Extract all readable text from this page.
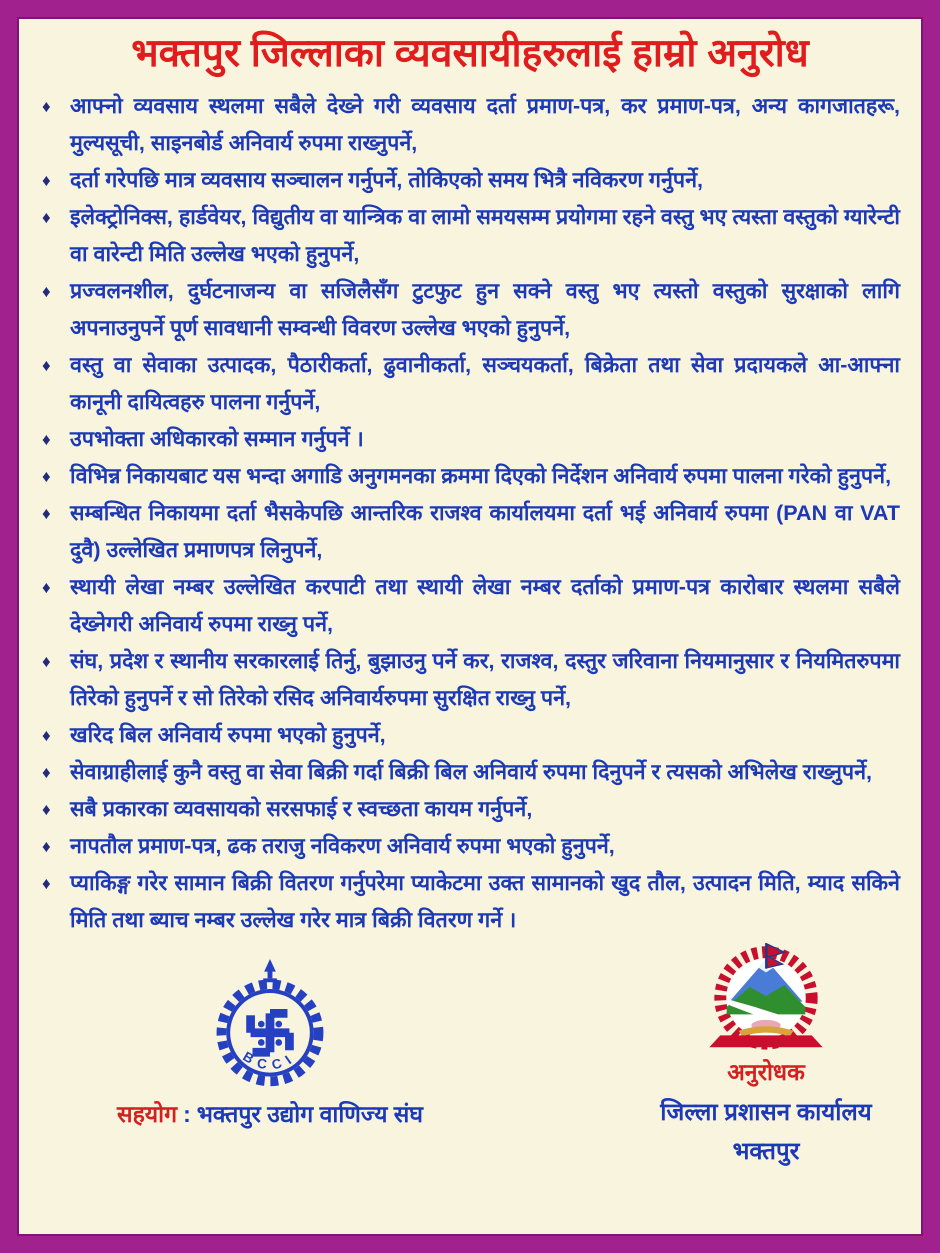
भक्तपुर जिल्लाका व्यवसायीहरुलाई हाम्रो अनुरोध
♦ आफ्नो व्यवसाय स्थलमा सबैले देख्ने गरी व्यवसाय दर्ता प्रमाण-पत्र, कर प्रमाण-पत्र, अन्य कागजातहरू, मुल्यसूची, साइनबोर्ड अनिवार्य रुपमा राख्नुपर्ने,
♦ दर्ता गरेपछि मात्र व्यवसाय सञ्चालन गर्नुपर्ने, तोकिएको समय भित्रै नविकरण गर्नुपर्ने,
♦ इलेक्ट्रोनिक्स, हार्डवेयर, विद्युतीय वा यान्त्रिक वा लामो समयसम्म प्रयोगमा रहने वस्तु भए त्यस्ता वस्तुको ग्यारेन्टी वा वारेन्टी मिति उल्लेख भएको हुनुपर्ने,
♦ प्रज्वलनशील, दुर्घटनाजन्य वा सजिलैसँग टुटफुट हुन सक्ने वस्तु भए त्यस्तो वस्तुको सुरक्षाको लागि अपनाउनुपर्ने पूर्ण सावधानी सम्वन्धी विवरण उल्लेख भएको हुनुपर्ने,
♦ वस्तु वा सेवाका उत्पादक, पैठारीकर्ता, ढुवानीकर्ता, सञ्चयकर्ता, बिक्रेता तथा सेवा प्रदायकले आ-आफ्ना कानूनी दायित्वहरु पालना गर्नुपर्ने,
♦ उपभोक्ता अधिकारको सम्मान गर्नुपर्ने ।
♦ विभिन्न निकायबाट यस भन्दा अगाडि अनुगमनका क्रममा दिएको निर्देशन अनिवार्य रुपमा पालना गरेको हुनुपर्ने,
♦ सम्बन्धित निकायमा दर्ता भैसकेपछि आन्तरिक राजश्व कार्यालयमा दर्ता भई अनिवार्य रुपमा (PAN वा VAT दुवै) उल्लेखित प्रमाणपत्र लिनुपर्ने,
♦ स्थायी लेखा नम्बर उल्लेखित करपाटी तथा स्थायी लेखा नम्बर दर्ताको प्रमाण-पत्र कारोबार स्थलमा सबैले देख्नेगरी अनिवार्य रुपमा राख्नु पर्ने,
♦ संघ, प्रदेश र स्थानीय सरकारलाई तिर्नु, बुझाउनु पर्ने कर, राजश्व, दस्तुर जरिवाना नियमानुसार र नियमितरुपमा तिरेको हुनुपर्ने र सो तिरेको रसिद अनिवार्यरुपमा सुरक्षित राख्नु पर्ने,
♦ खरिद बिल अनिवार्य रुपमा भएको हुनुपर्ने,
♦ सेवाग्राहीलाई कुनै वस्तु वा सेवा बिक्री गर्दा बिक्री बिल अनिवार्य रुपमा दिनुपर्ने र त्यसको अभिलेख राख्नुपर्ने,
♦ सबै प्रकारका व्यवसायको सरसफाई र स्वच्छता कायम गर्नुपर्ने,
♦ नापतौल प्रमाण-पत्र, ढक तराजु नविकरण अनिवार्य रुपमा भएको हुनुपर्ने,
♦ प्याकिङ्ग गरेर सामान बिक्री वितरण गर्नुपरेमा प्याकेटमा उक्त सामानको खुद तौल, उत्पादन मिति, म्याद सकिने मिति तथा ब्याच नम्बर उल्लेख गरेर मात्र बिक्री वितरण गर्ने ।
BCCI
सहयोग : भक्तपुर उद्योग वाणिज्य संघ
अनुरोधक
जिल्ला प्रशासन कार्यालय
भक्तपुर
